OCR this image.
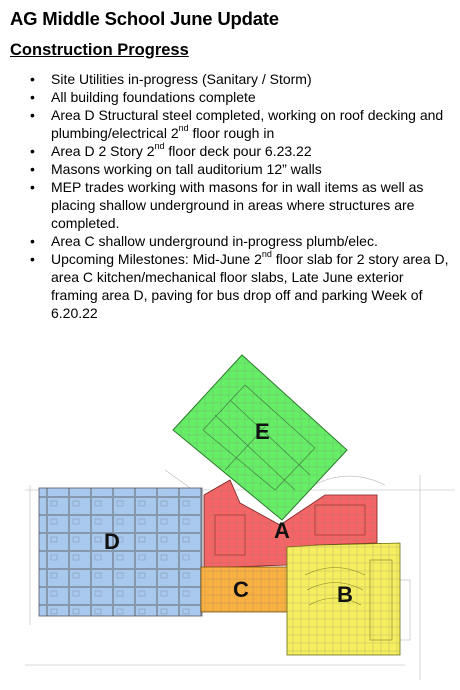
AG Middle School June Update
Construction Progress
• Site Utilities in-progress (Sanitary / Storm)
• All building foundations complete
• Area D Structural steel completed, working on roof decking and plumbing/electrical 2nd floor rough in
• Area D 2 Story 2nd floor deck pour 6.23.22
• Masons working on tall auditorium 12” walls
• MEP trades working with masons for in wall items as well as placing shallow underground in areas where structures are completed.
• Area C shallow underground in-progress plumb/elec.
• Upcoming Milestones: Mid-June 2nd floor slab for 2 story area D, area C kitchen/mechanical floor slabs, Late June exterior framing area D, paving for bus drop off and parking Week of 6.20.22
E
D	A
C	B
